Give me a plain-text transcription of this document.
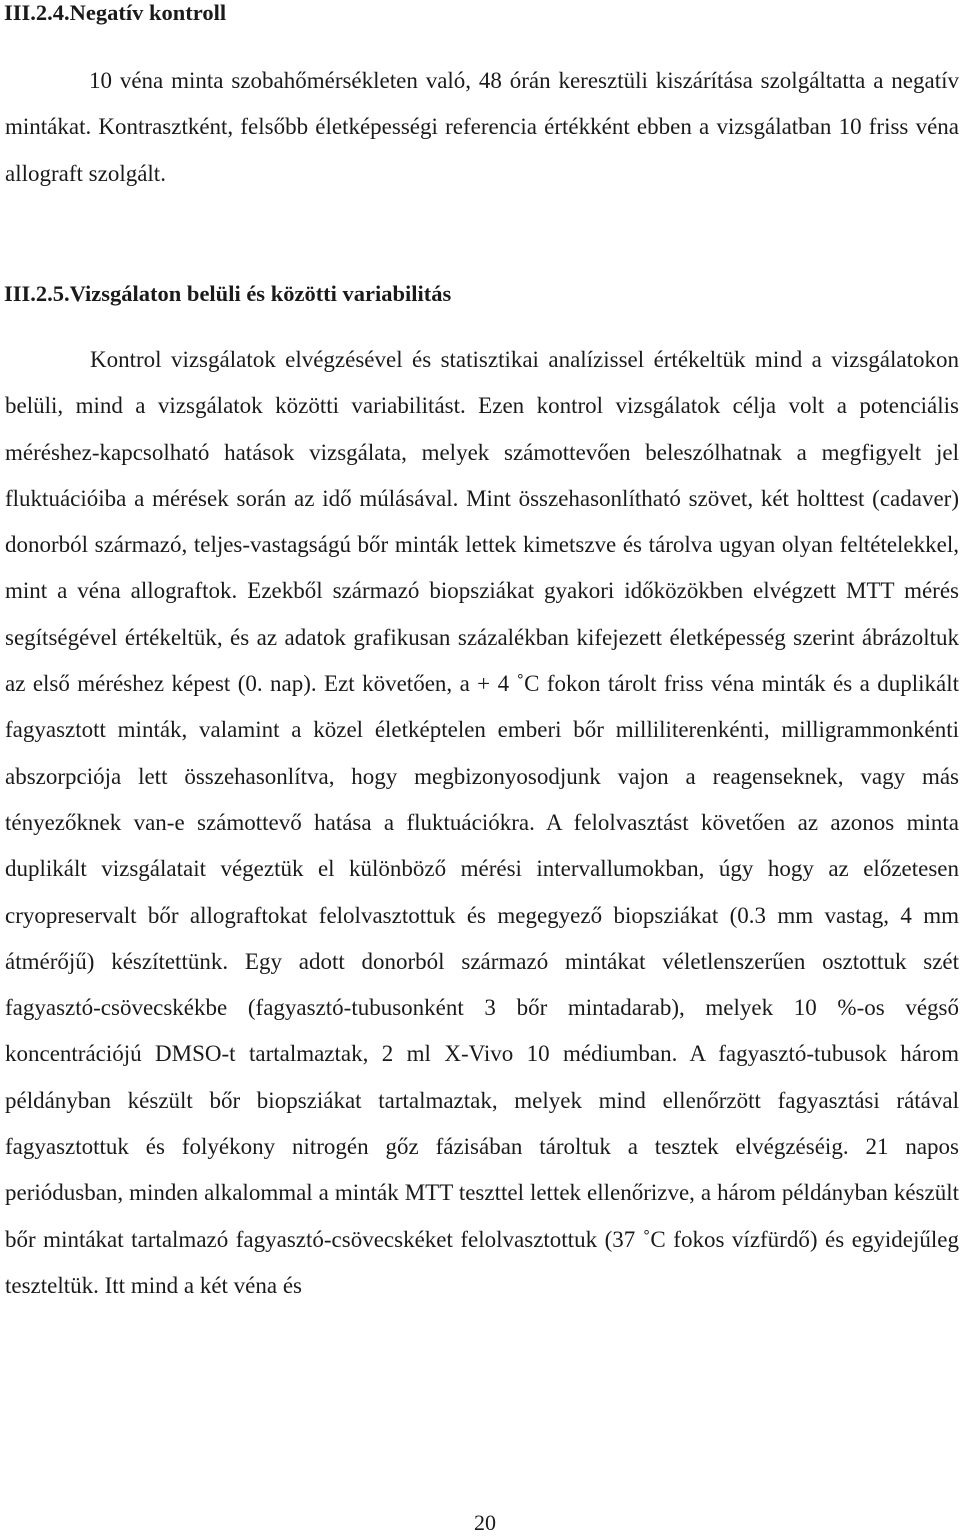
III.2.4.Negatív kontroll

10 véna minta szobahőmérsékleten való, 48 órán keresztüli kiszárítása szolgáltatta a negatív mintákat. Kontrasztként, felsőbb életképességi referencia értékként ebben a vizsgálatban 10 friss véna allograft szolgált.

III.2.5.Vizsgálaton belüli és közötti variabilitás

Kontrol vizsgálatok elvégzésével és statisztikai analízissel értékeltük mind a vizsgálatokon belüli, mind a vizsgálatok közötti variabilitást. Ezen kontrol vizsgálatok célja volt a potenciális méréshez-kapcsolható hatások vizsgálata, melyek számottevően beleszólhatnak a megfigyelt jel fluktuációiba a mérések során az idő múlásával. Mint összehasonlítható szövet, két holttest (cadaver) donorból származó, teljes-vastagságú bőr minták lettek kimetszve és tárolva ugyan olyan feltételekkel, mint a véna allograftok. Ezekből származó biopsziákat gyakori időközökben elvégzett MTT mérés segítségével értékeltük, és az adatok grafikusan százalékban kifejezett életképesség szerint ábrázoltuk az első méréshez képest (0. nap). Ezt követően, a + 4 ˚C fokon tárolt friss véna minták és a duplikált fagyasztott minták, valamint a közel életképtelen emberi bőr milliliterenkénti, milligrammonkénti abszorpciója lett összehasonlítva, hogy megbizonyosodjunk vajon a reagenseknek, vagy más tényezőknek van-e számottevő hatása a fluktuációkra. A felolvasztást követően az azonos minta duplikált vizsgálatait végeztük el különböző mérési intervallumokban, úgy hogy az előzetesen cryopreservalt bőr allograftokat felolvasztottuk és megegyező biopsziákat (0.3 mm vastag, 4 mm átmérőjű) készítettünk. Egy adott donorból származó mintákat véletlenszerűen osztottuk szét fagyasztó-csövecskékbe (fagyasztó-tubusonként 3 bőr mintadarab), melyek 10 %-os végső koncentrációjú DMSO-t tartalmaztak, 2 ml X-Vivo 10 médiumban. A fagyasztó-tubusok három példányban készült bőr biopsziákat tartalmaztak, melyek mind ellenőrzött fagyasztási rátával fagyasztottuk és folyékony nitrogén gőz fázisában tároltuk a tesztek elvégzéséig. 21 napos periódusban, minden alkalommal a minták MTT teszttel lettek ellenőrizve, a három példányban készült bőr mintákat tartalmazó fagyasztó-csövecskéket felolvasztottuk (37 ˚C fokos vízfürdő) és egyidejűleg teszteltük. Itt mind a két véna és

20
